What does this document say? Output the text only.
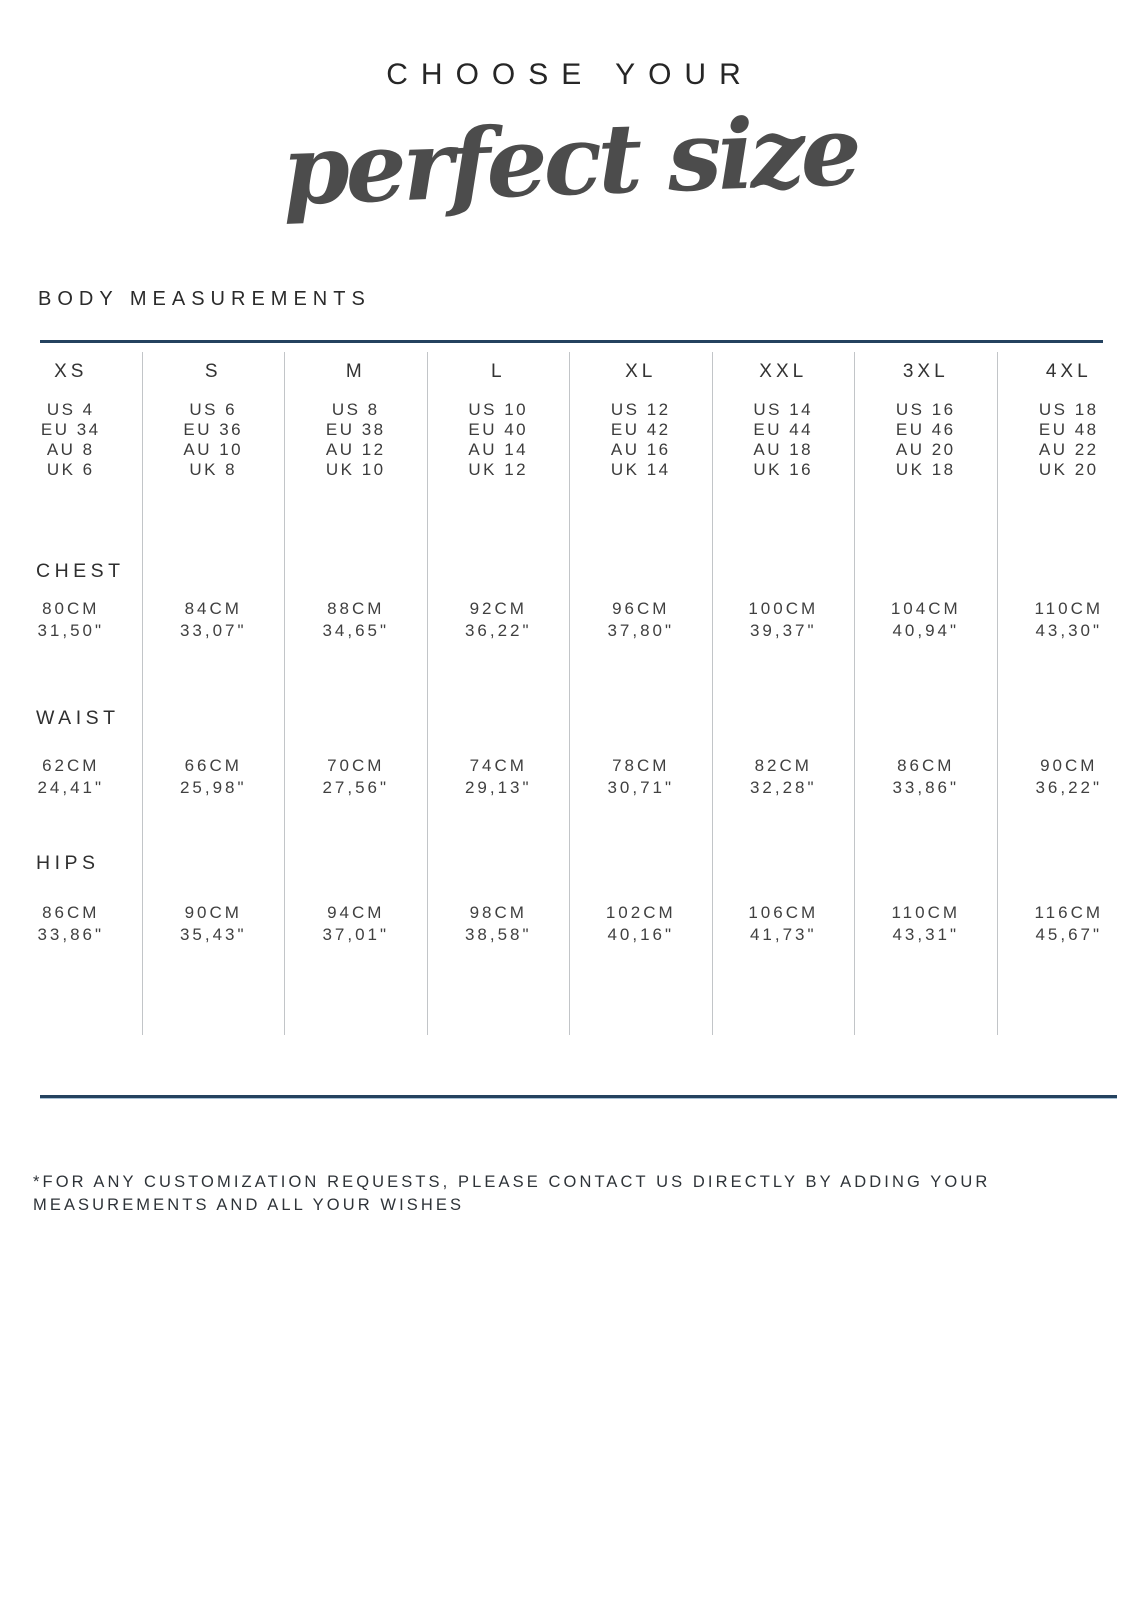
CHOOSE YOUR
perfect size
BODY MEASUREMENTS
XS
US 4
EU 34
AU 8
UK 6
80CM
31,50"
62CM
24,41"
86CM
33,86"
S
US 6
EU 36
AU 10
UK 8
84CM
33,07"
66CM
25,98"
90CM
35,43"
M
US 8
EU 38
AU 12
UK 10
88CM
34,65"
70CM
27,56"
94CM
37,01"
L
US 10
EU 40
AU 14
UK 12
92CM
36,22"
74CM
29,13"
98CM
38,58"
XL
US 12
EU 42
AU 16
UK 14
96CM
37,80"
78CM
30,71"
102CM
40,16"
XXL
US 14
EU 44
AU 18
UK 16
100CM
39,37"
82CM
32,28"
106CM
41,73"
3XL
US 16
EU 46
AU 20
UK 18
104CM
40,94"
86CM
33,86"
110CM
43,31"
4XL
US 18
EU 48
AU 22
UK 20
110CM
43,30"
90CM
36,22"
116CM
45,67"
CHEST
WAIST
HIPS
*FOR ANY CUSTOMIZATION REQUESTS, PLEASE CONTACT US DIRECTLY BY ADDING YOUR MEASUREMENTS AND ALL YOUR WISHES
